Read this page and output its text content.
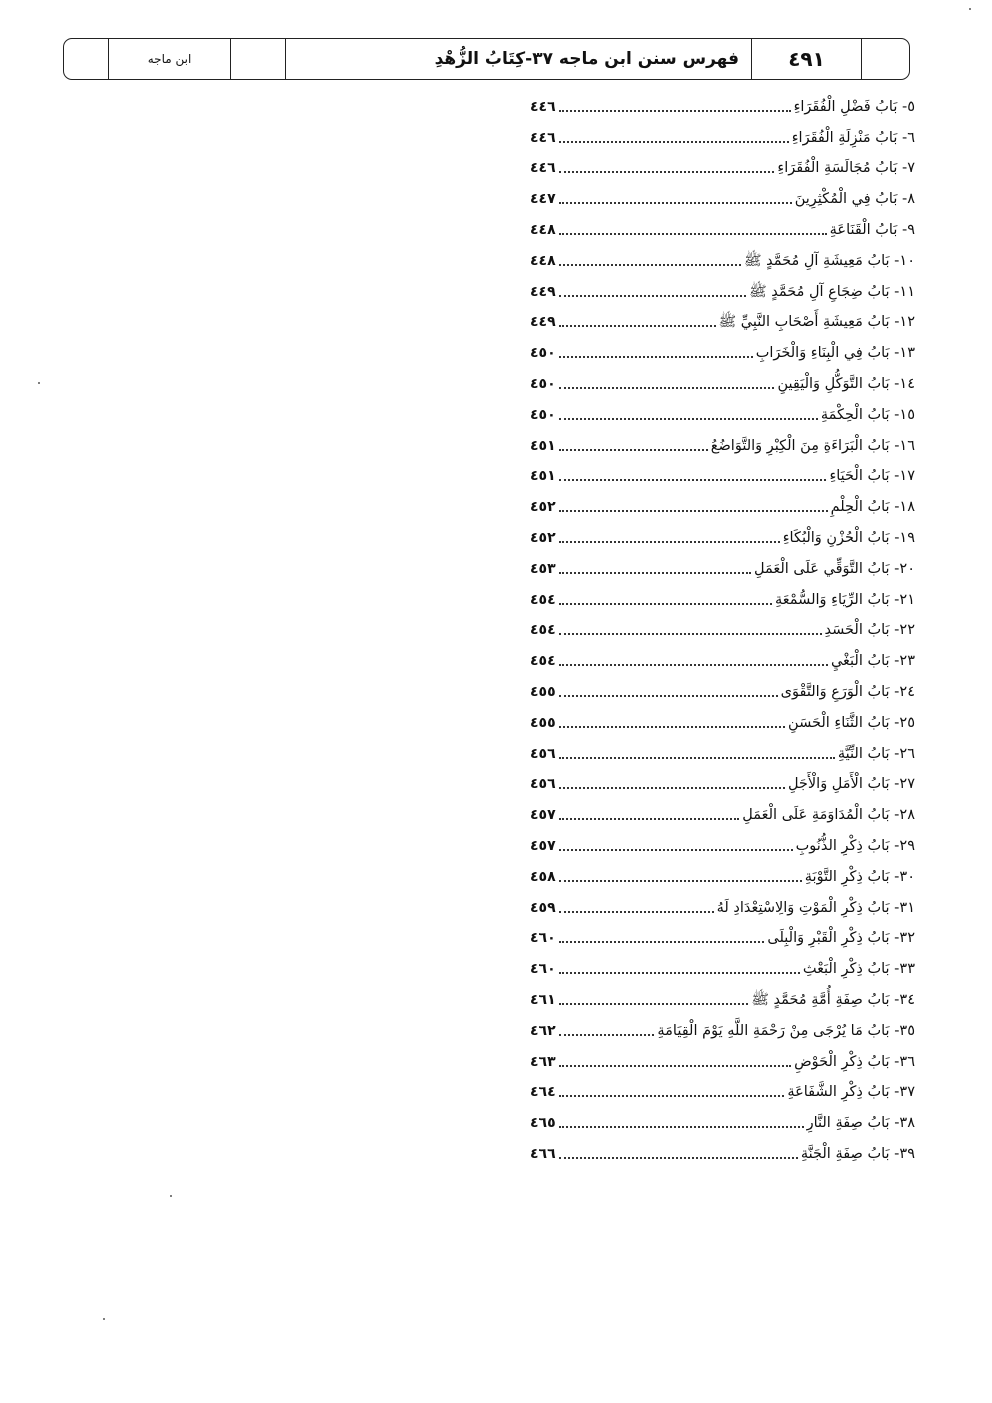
ابن ماجه	فهرس سنن ابن ماجه ٣٧-كِتَابُ الزُّهْدِ	٤٩١
٥- بَابُ فَضْلِ الْفُقَرَاءِ
٤٤٦
٦- بَابُ مَنْزِلَةِ الْفُقَرَاءِ
٤٤٦
٧- بَابُ مُجَالَسَةِ الْفُقَرَاءِ
٤٤٦
٨- بَابُ فِي الْمُكْثِرِينَ
٤٤٧
٩- بَابُ الْقَنَاعَةِ
٤٤٨
١٠- بَابُ مَعِيشَةِ آلِ مُحَمَّدٍ ﷺ
٤٤٨
١١- بَابُ ضِجَاعِ آلِ مُحَمَّدٍ ﷺ
٤٤٩
١٢- بَابُ مَعِيشَةِ أَصْحَابِ النَّبِيِّ ﷺ
٤٤٩
١٣- بَابُ فِي الْبِنَاءِ وَالْخَرَابِ
٤٥٠
١٤- بَابُ التَّوَكُّلِ وَالْيَقِينِ
٤٥٠
١٥- بَابُ الْحِكْمَةِ
٤٥٠
١٦- بَابُ الْبَرَاءَةِ مِنَ الْكِبْرِ وَالتَّوَاضُعُ
٤٥١
١٧- بَابُ الْحَيَاءِ
٤٥١
١٨- بَابُ الْحِلْمِ
٤٥٢
١٩- بَابُ الْحُزْنِ وَالْبُكَاءِ
٤٥٢
٢٠- بَابُ التَّوَقِّي عَلَى الْعَمَلِ
٤٥٣
٢١- بَابُ الرِّيَاءِ وَالسُّمْعَةِ
٤٥٤
٢٢- بَابُ الْحَسَدِ
٤٥٤
٢٣- بَابُ الْبَغْيِ
٤٥٤
٢٤- بَابُ الْوَرَعِ وَالتَّقْوَى
٤٥٥
٢٥- بَابُ الثَّنَاءِ الْحَسَنِ
٤٥٥
٢٦- بَابُ النِّيَّةِ
٤٥٦
٢٧- بَابُ الْأَمَلِ وَالْأَجَلِ
٤٥٦
٢٨- بَابُ الْمُدَاوَمَةِ عَلَى الْعَمَلِ
٤٥٧
٢٩- بَابُ ذِكْرِ الذُّنُوبِ
٤٥٧
٣٠- بَابُ ذِكْرِ التَّوْبَةِ
٤٥٨
٣١- بَابُ ذِكْرِ الْمَوْتِ وَالِاسْتِعْدَادِ لَهُ
٤٥٩
٣٢- بَابُ ذِكْرِ الْقَبْرِ وَالْبِلَى
٤٦٠
٣٣- بَابُ ذِكْرِ الْبَعْثِ
٤٦٠
٣٤- بَابُ صِفَةِ أُمَّةِ مُحَمَّدٍ ﷺ
٤٦١
٣٥- بَابُ مَا يُرْجَى مِنْ رَحْمَةِ اللَّهِ يَوْمَ الْقِيَامَةِ
٤٦٢
٣٦- بَابُ ذِكْرِ الْحَوْضِ
٤٦٣
٣٧- بَابُ ذِكْرِ الشَّفَاعَةِ
٤٦٤
٣٨- بَابُ صِفَةِ النَّارِ
٤٦٥
٣٩- بَابُ صِفَةِ الْجَنَّةِ
٤٦٦
